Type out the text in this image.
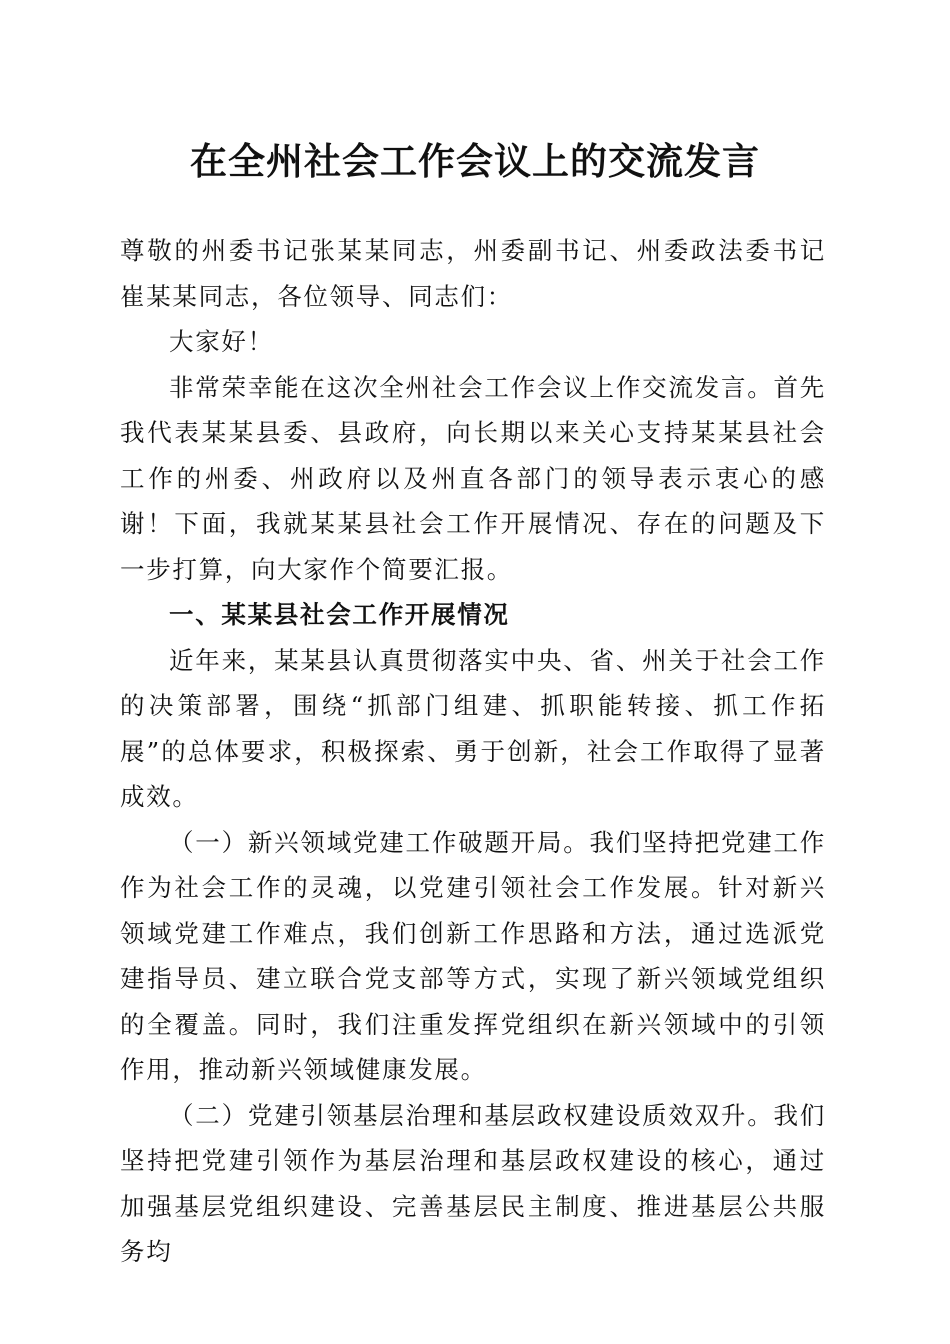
在全州社会工作会议上的交流发言

尊敬的州委书记张某某同志，州委副书记、州委政法委书记崔某某同志，各位领导、同志们：

大家好！

非常荣幸能在这次全州社会工作会议上作交流发言。首先我代表某某县委、县政府，向长期以来关心支持某某县社会工作的州委、州政府以及州直各部门的领导表示衷心的感谢！下面，我就某某县社会工作开展情况、存在的问题及下一步打算，向大家作个简要汇报。

一、某某县社会工作开展情况

近年来，某某县认真贯彻落实中央、省、州关于社会工作的决策部署，围绕“抓部门组建、抓职能转接、抓工作拓展”的总体要求，积极探索、勇于创新，社会工作取得了显著成效。

（一）新兴领域党建工作破题开局。我们坚持把党建工作作为社会工作的灵魂，以党建引领社会工作发展。针对新兴领域党建工作难点，我们创新工作思路和方法，通过选派党建指导员、建立联合党支部等方式，实现了新兴领域党组织的全覆盖。同时，我们注重发挥党组织在新兴领域中的引领作用，推动新兴领域健康发展。

（二）党建引领基层治理和基层政权建设质效双升。我们坚持把党建引领作为基层治理和基层政权建设的核心，通过加强基层党组织建设、完善基层民主制度、推进基层公共服务均
